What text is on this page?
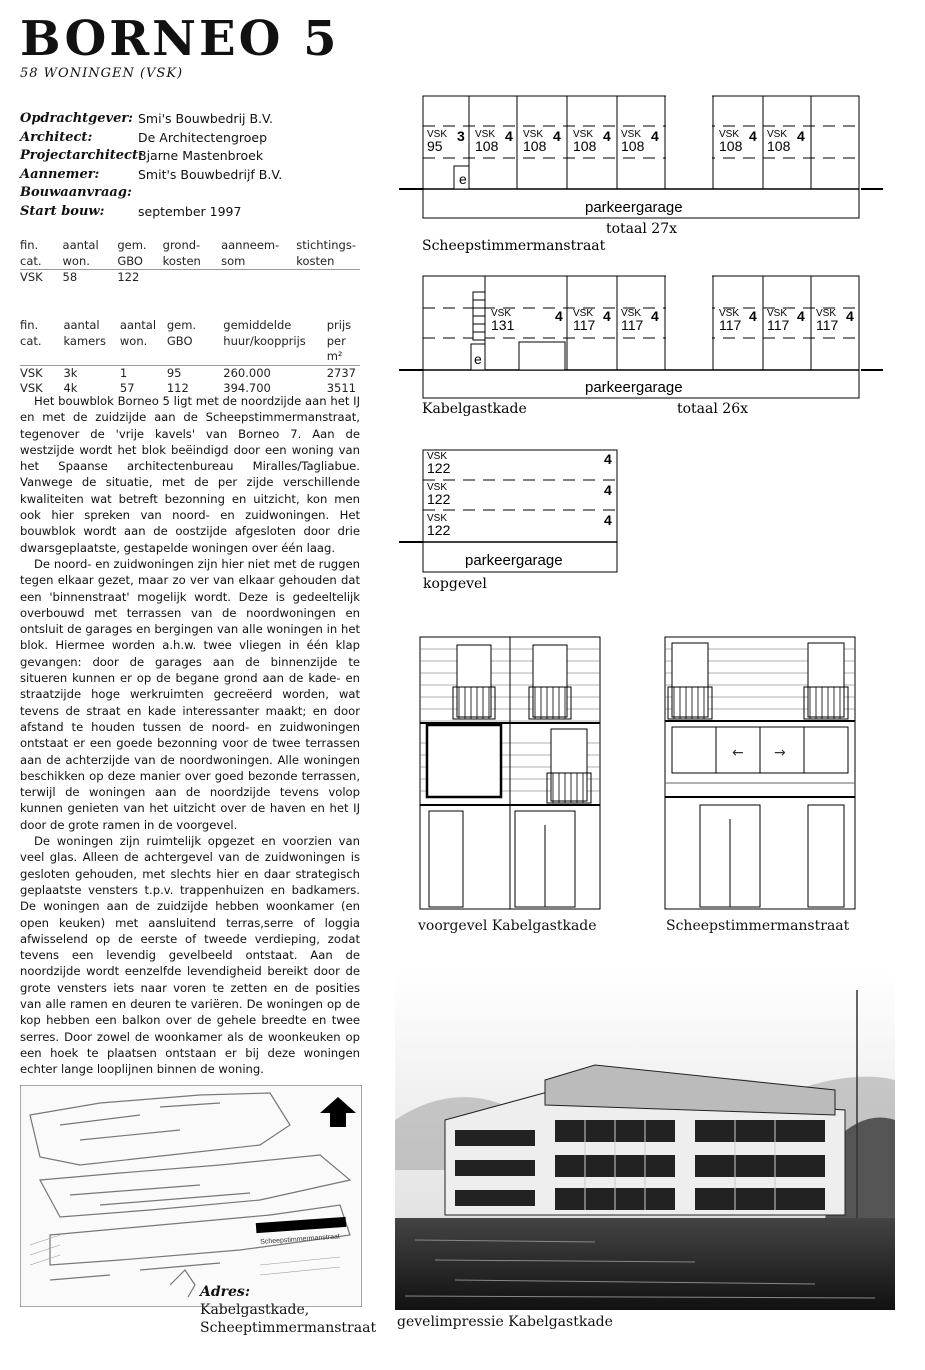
BORNEO 5
58 WONINGEN (VSK)
Opdrachtgever: Smi's Bouwbedrij B.V.
Architect:	De Architectengroep
Projectarchitect:
Bjarne Mastenbroek
Aannemer:	Smit's Bouwbedrijf B.V.
Bouwaanvraag:
Start bouw:	september 1997
fin.	aantal	gem.	grond-	aanneem-	stichtings-
cat.	won.	GBO	kosten	som	kosten
VSK	58	122			
fin.	aantal	aantal	gem.	gemiddelde	prijs
cat.	kamers	won.	GBO	huur/koopprijs	per m²
VSK	3k	1	95	260.000	2737
VSK	4k	57	112	394.700	3511

Het bouwblok Borneo 5 ligt met de noordzijde aan het IJ en met de zuidzijde aan de Scheepstimmermanstraat, tegenover de 'vrije kavels' van Borneo 7. Aan de westzijde wordt het blok beëindigd door een woning van het Spaanse architectenbureau Miralles/Tagliabue. Vanwege de situatie, met de per zijde verschillende kwaliteiten wat betreft bezonning en uitzicht, kon men ook hier spreken van noord- en zuidwoningen. Het bouwblok wordt aan de oostzijde afgesloten door drie dwarsgeplaatste, gestapelde woningen over één laag.

De noord- en zuidwoningen zijn hier niet met de ruggen tegen elkaar gezet, maar zo ver van elkaar gehouden dat een 'binnenstraat' mogelijk wordt. Deze is gedeeltelijk overbouwd met terrassen van de noordwoningen en ontsluit de garages en bergingen van alle woningen in het blok. Hiermee worden a.h.w. twee vliegen in één klap gevangen: door de garages aan de binnenzijde te situeren kunnen er op de begane grond aan de kade- en straatzijde hoge werkruimten gecreëerd worden, wat tevens de straat en kade interessanter maakt; en door afstand te houden tussen de noord- en zuidwoningen ontstaat er een goede bezonning voor de twee terrassen aan de achterzijde van de noordwoningen. Alle woningen beschikken op deze manier over goed bezonde terrassen, terwijl de woningen aan de noordzijde tevens volop kunnen genieten van het uitzicht over de haven en het IJ door de grote ramen in de voorgevel.

De woningen zijn ruimtelijk opgezet en voorzien van veel glas. Alleen de achtergevel van de zuidwoningen is gesloten gehouden, met slechts hier en daar strategisch geplaatste vensters t.p.v. trappenhuizen en badkamers. De woningen aan de zuidzijde hebben woonkamer (en open keuken) met aansluitend terras,serre of loggia afwisselend op de eerste of tweede verdieping, zodat tevens een levendig gevelbeeld ontstaat. Aan de noordzijde wordt eenzelfde levendigheid bereikt door de grote vensters iets naar voren te zetten en de posities van alle ramen en deuren te variëren. De woningen op de kop hebben een balkon over de gehele breedte en twee serres. Door zowel de woonkamer als de woonkeuken op een hoek te plaatsen ontstaan er bij deze woningen echter lange looplijnen binnen de woning.

VSK
95
3 VSK
108
4 VSK
108
4 VSK
108
4 VSK
108
4	VSK
108
4 VSK
108
4
e
parkeergarage
totaal 27x
Scheepstimmermanstraat
VSK
131
4 VSK
117
4 VSK
117
4	VSK
117
4 VSK
117
4 VSK
117
4
e
parkeergarage
Kabelgastkade	totaal 26x
VSK
122
4
VSK
122
4
VSK
122
4
parkeergarage
kopgevel
voorgevel Kabelgastkade
← →
Scheepstimmermanstraat
Scheepstimmermanstraat
Adres:
Kabelgastkade,
Scheeptimmermanstraat gevelimpressie Kabelgastkade
